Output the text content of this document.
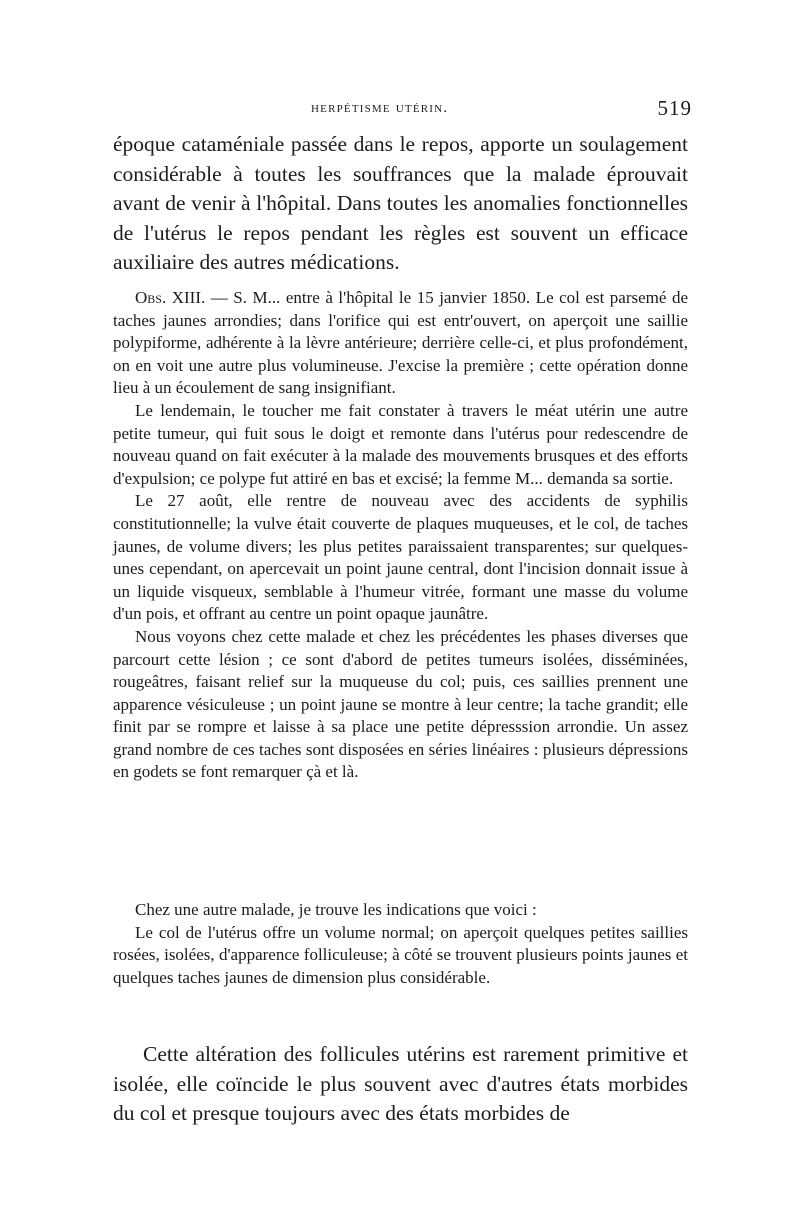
herpétisme utérin.	519

époque cataméniale passée dans le repos, apporte un soulagement considérable à toutes les souffrances que la malade éprouvait avant de venir à l'hôpital. Dans toutes les anomalies fonctionnelles de l'utérus le repos pendant les règles est souvent un efficace auxiliaire des autres médications.

Obs. XIII. — S. M... entre à l'hôpital le 15 janvier 1850. Le col est parsemé de taches jaunes arrondies; dans l'orifice qui est entr'ouvert, on aperçoit une saillie polypiforme, adhérente à la lèvre antérieure; derrière celle-ci, et plus profondément, on en voit une autre plus volumineuse. J'excise la première ; cette opération donne lieu à un écoulement de sang insignifiant.

Le lendemain, le toucher me fait constater à travers le méat utérin une autre petite tumeur, qui fuit sous le doigt et remonte dans l'utérus pour redescendre de nouveau quand on fait exécuter à la malade des mouvements brusques et des efforts d'expulsion; ce polype fut attiré en bas et excisé; la femme M... demanda sa sortie.

Le 27 août, elle rentre de nouveau avec des accidents de syphilis constitutionnelle; la vulve était couverte de plaques muqueuses, et le col, de taches jaunes, de volume divers; les plus petites paraissaient transparentes; sur quelques-unes cependant, on apercevait un point jaune central, dont l'incision donnait issue à un liquide visqueux, semblable à l'humeur vitrée, formant une masse du volume d'un pois, et offrant au centre un point opaque jaunâtre.

Nous voyons chez cette malade et chez les précédentes les phases diverses que parcourt cette lésion ; ce sont d'abord de petites tumeurs isolées, disséminées, rougeâtres, faisant relief sur la muqueuse du col; puis, ces saillies prennent une apparence vésiculeuse ; un point jaune se montre à leur centre; la tache grandit; elle finit par se rompre et laisse à sa place une petite dépresssion arrondie. Un assez grand nombre de ces taches sont disposées en séries linéaires : plusieurs dépressions en godets se font remarquer çà et là.

Chez une autre malade, je trouve les indications que voici :

Le col de l'utérus offre un volume normal; on aperçoit quelques petites saillies rosées, isolées, d'apparence folliculeuse; à côté se trouvent plusieurs points jaunes et quelques taches jaunes de dimension plus considérable.

Cette altération des follicules utérins est rarement primitive et isolée, elle coïncide le plus souvent avec d'autres états morbides du col et presque toujours avec des états morbides de
